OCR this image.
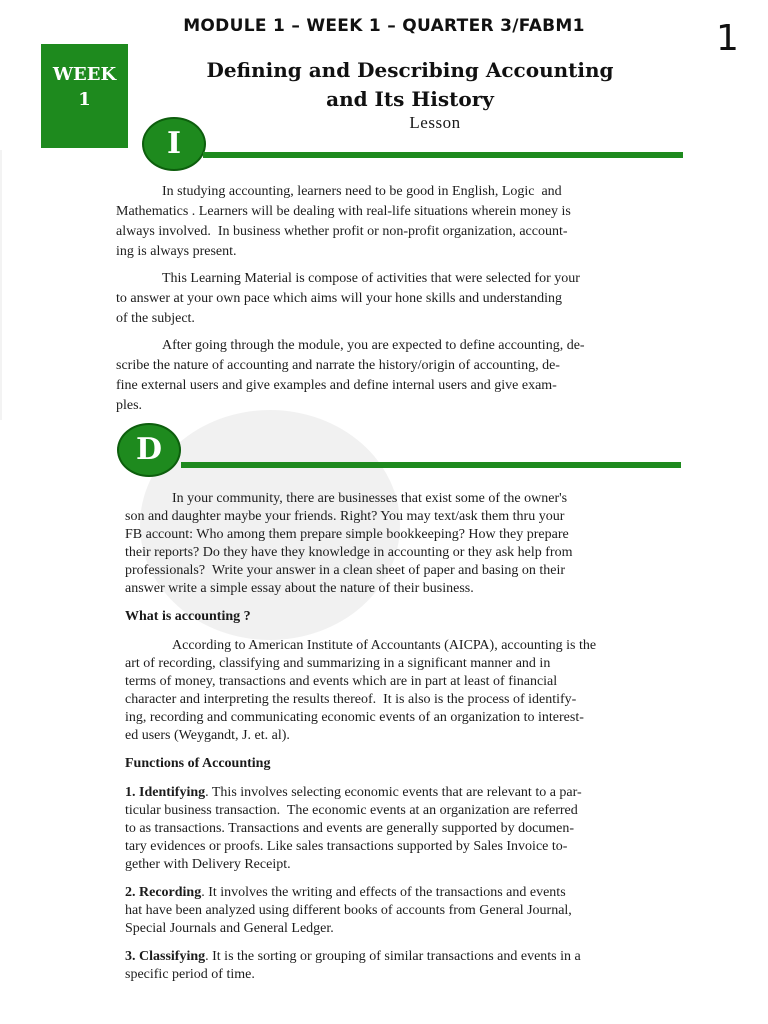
MODULE 1 – WEEK 1 – QUARTER 3/FABM1	1
WEEK
1
Defining and Describing Accounting
and Its History
Lesson
I
In studying accounting, learners need to be good in English, Logic  and
Mathematics . Learners will be dealing with real-life situations wherein money is
always involved.  In business whether profit or non-profit organization, account-
ing is always present.
This Learning Material is compose of activities that were selected for your
to answer at your own pace which aims will your hone skills and understanding
of the subject.
After going through the module, you are expected to define accounting, de-
scribe the nature of accounting and narrate the history/origin of accounting, de-
fine external users and give examples and define internal users and give exam-
ples.
D
In your community, there are businesses that exist some of the owner's
son and daughter maybe your friends. Right? You may text/ask them thru your
FB account: Who among them prepare simple bookkeeping? How they prepare
their reports? Do they have they knowledge in accounting or they ask help from
professionals?  Write your answer in a clean sheet of paper and basing on their
answer write a simple essay about the nature of their business.
What is accounting ?
According to American Institute of Accountants (AICPA), accounting is the
art of recording, classifying and summarizing in a significant manner and in
terms of money, transactions and events which are in part at least of financial
character and interpreting the results thereof.  It is also is the process of identify-
ing, recording and communicating economic events of an organization to interest-
ed users (Weygandt, J. et. al).
Functions of Accounting
1. Identifying. This involves selecting economic events that are relevant to a par-
ticular business transaction.  The economic events at an organization are referred
to as transactions. Transactions and events are generally supported by documen-
tary evidences or proofs. Like sales transactions supported by Sales Invoice to-
gether with Delivery Receipt.
2. Recording. It involves the writing and effects of the transactions and events
hat have been analyzed using different books of accounts from General Journal,
Special Journals and General Ledger.
3. Classifying. It is the sorting or grouping of similar transactions and events in a
specific period of time.
